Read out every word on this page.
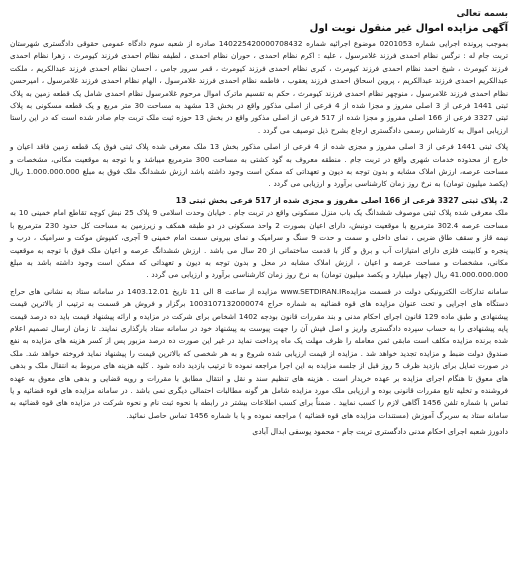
بسمه تعالی

آگهی مزایده اموال غیر منقول نوبت اول

بموجب پرونده اجرایی شماره 0201053 موضوع اجرائیه شماره 140225420000708432 صادره از شعبه سوم دادگاه عمومی حقوقی دادگستری شهرستان تربت جام له : نرگس نظام احمدی فرزند غلامرسول ، علیه : اکرم نظام احمدی ، حوران نظام احمدی ، لطیفه نظام احمدی فرزند کیومرث ، زهرا نظام احمدی فرزند کیومرث ، شیخ احمد نظام احمدی فرزند کیومرث ، کبری نظام احمدی فرزند کیومرث ، قمر سرور جامی ، احسان نظام احمدی فرزند عبدالکریم ، ملکت عبدالکریم احمدی فرزند عبدالکریم ، پروین اسحاق احمدی فرزند یعقوب ، فاطمه نظام احمدی فرزند غلامرسول ، الهام نظام احمدی فرزند غلامرسول ، امیرحسن نظام احمدی فرزند غلامرسول ، منوچهر نظام احمدی فرزند کیومرث ، حکم به تقسیم ماترک اموال مرحوم غلامرسول نظام احمدی شامل یک قطعه زمین به پلاک ثبتی 1441 فرعی از 3 اصلی مفروز و مجزا شده از 4 فرعی از اصلی مذکور واقع در بخش 13 مشهد به مساحت 30 متر مربع و یک قطعه مسکونی به پلاک ثبتی 3327 فرعی از 166 اصلی مفروز و مجزا شده از 517 فرعی از اصلی مذکور واقع در بخش 13 حوزه ثبت ملک تربت جام صادر شده است که در این راستا ارزیابی اموال به کارشناس رسمی دادگستری ارجاع بشرح ذیل توصیف می گردد .

پلاک ثبتی 1441 فرعی از 3 اصلی مفروز و مجزی شده از 4 فرعی از اصلی مذکور بخش 13 ملک معرفی شده پلاک ثبتی فوق یک قطعه زمین فاقد اعیان و خارج از محدوده خدمات شهری واقع در تربت جام . منطقه معروف به گود کشتی به مساحت 300 مترمربع میباشد و با توجه به موقعیت مکانی، مشخصات و مساحت عرصه، ارزش املاک مشابه و بدون توجه به دیون و تعهداتی که ممکن است وجود داشته باشد ارزش ششدانگ ملک فوق به مبلغ 1.000.000.000 ریال (یکصد میلیون تومان) به نرخ روز زمان کارشناسی برآورد و ارزیابی می گردد .

2. پلاک ثبتی 3327 فرعی از 166 اصلی مفروز و مجزی شده از 517 فرعی بخش ثبتی 13

ملک معرفی شده پلاک ثبتی موصوف ششدانگ یک باب منزل مسکونی واقع در تربت جام . خیابان وحدت اسلامی 9 پلاک 25 نبش کوچه تقاطع امام خمینی 10 به مساحت عرصه 302.4 مترمربع با موقعیت دونبش، دارای اعیان بصورت 2 واحد مسکونی در دو طبقه همکف و زیرزمین به مساحت کل حدود 230 مترمربع با نیمه قاز و سقف طاق ضربی ، نمای داخلی و سمت و حدت 9 سنگ و سرامیک و نمای بیرونی سمت امام خمینی 9 آجری، کفپوش موکت و سرامیک ، درب و پنجره و کابینت فلزی دارای امتیازات آب و برق و گاز با قدمت ساختمانی از 20 سال می باشد . ارزش ششدانگ عرصه و اعیان ملک فوق با توجه به موقعیت مکانی، مشخصات و مساحت عرصه و اعیان ، ارزش املاک مشابه در محل و بدون توجه به دیون و تعهداتی که ممکن است وجود داشته باشد به مبلغ 41.000.000.000 ریال (چهار میلیارد و یکصد میلیون تومان) به نرخ روز زمان کارشناسی برآورد و ارزیابی می گردد .

سامانه تدارکات الکترونیکی دولت در قسمت مزایدهwww.SETDIRAN.IR مزایده از ساعت 8 الی 11 تاریخ 1403.12.01 در سامانه ستاد به نشانی های حراج دستگاه های اجرایی و تحت عنوان مزایده های قوه قضائیه به شماره حراج 1003107132000074 برگزار و فروش هر قسمت به ترتیب از بالاترین قیمت پیشنهادی و طبق ماده 129 قانون اجرای احکام مدنی و بند مقررات قانون بودجه 1402 اشخاص برای شرکت در مزایده و ارائه پیشنهاد قیمت باید ده درصد قیمت پایه پیشنهادی را به حساب سپرده دادگستری واریز و اصل فیش آن را جهت پیوست به پیشنهاد خود در سامانه ستاد بارگذاری نمایند. تا زمان ارسال تصمیم اعلام شده برنده مزایده مکلف است مابقی ثمن معامله را ظرف مهلت یک ماه پرداخت نماید در غیر این صورت ده درصد مزبور پس از کسر هزینه های مزایده به نفع صندوق دولت ضبط و مزایده تجدید خواهد شد . مزایده از قیمت ارزیابی شده شروع و به هر شخصی که بالاترین قیمت را پیشنهاد نماید فروخته خواهد شد. ملک در صورت تمایل برای بازدید ظرف 5 روز قبل از جلسه مزایده به این اجرا مراجعه نموده تا ترتیب بازدید داده شود . کلیه هزینه های مربوط به انتقال ملک و بدهی های معوق تا هنگام اجرای مزایده بر عهده خریدار است . هزینه های تنظیم سند و نقل و انتقال مطابق با مقررات و رویه قضایی و بدهی های معوق به عهده فروشنده و تخلیه تابع مقررات قانونی بوده و ارزیابی ملک مورد مزایده شامل هر گونه مطالبات احتمالی دیگری نمی باشد . در سامانه مزایده های قوه قضائیه و یا تماس با شماره تلفن 1456 آگاهی لازم را کسب نمایید . ضمناً برای کسب اطلاعات بیشتر در رابطه با نحوه ثبت نام و نحوه شرکت در مزایده های قوه قضائیه به سامانه ستاد به سربرگ آموزش (مستندات مزایده های قوه قضائیه ) مراجعه نموده و یا با شماره 1456 تماس حاصل نمائید.

دادورز شعبه اجرای احکام مدنی دادگستری تربت جام - محمود یوسفی ابدال آبادی
